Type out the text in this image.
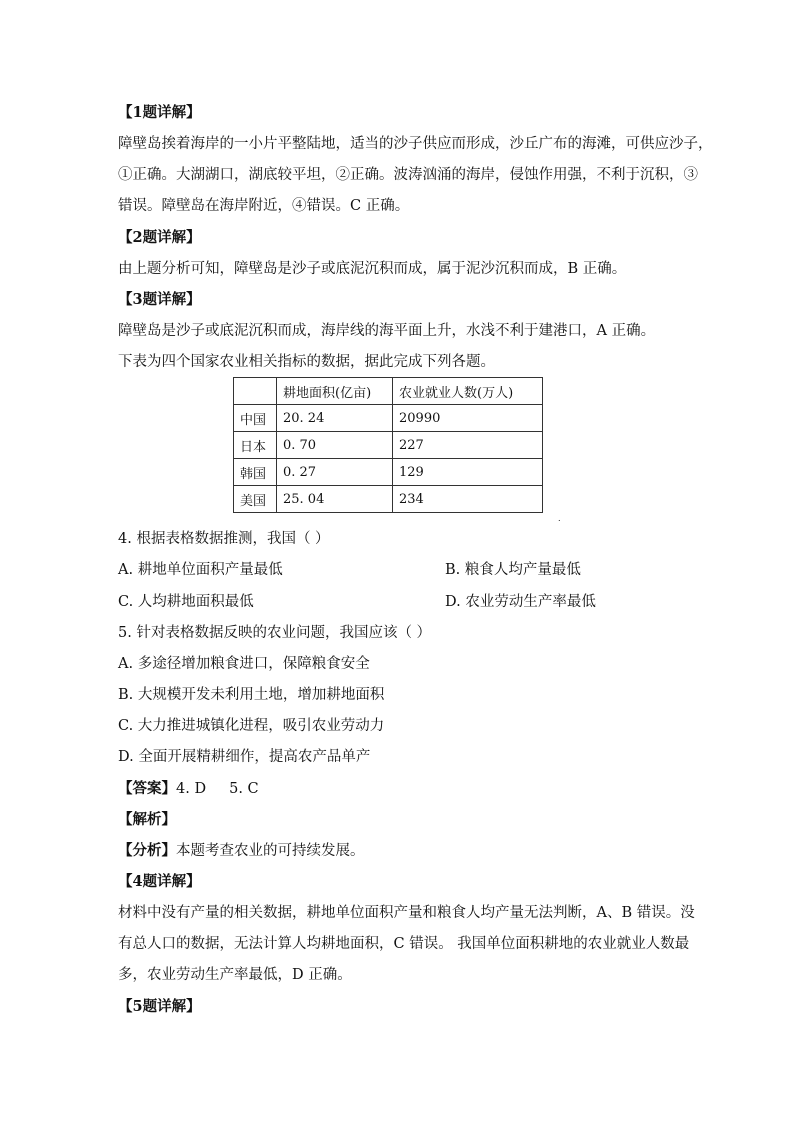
【1题详解】
障壁岛挨着海岸的一小片平整陆地，适当的沙子供应而形成，沙丘广布的海滩，可供应沙子，
①正确。大湖湖口，湖底较平坦，②正确。波涛汹涌的海岸，侵蚀作用强，不利于沉积，③
错误。障壁岛在海岸附近，④错误。C 正确。
【2题详解】
由上题分析可知，障壁岛是沙子或底泥沉积而成，属于泥沙沉积而成，B 正确。
【3题详解】
障壁岛是沙子或底泥沉积而成，海岸线的海平面上升，水浅不利于建港口，A 正确。
下表为四个国家农业相关指标的数据，据此完成下列各题。
	耕地面积(亿亩)	农业就业人数(万人)
中国	20. 24	20990
日本	0. 70	227
韩国	0. 27	129
美国	25. 04	234
.
4. 根据表格数据推测，我国（ ）
A. 耕地单位面积产量最低	B. 粮食人均产量最低
C. 人均耕地面积最低	D. 农业劳动生产率最低
5. 针对表格数据反映的农业问题，我国应该（ ）
A. 多途径增加粮食进口，保障粮食安全
B. 大规模开发未利用土地，增加耕地面积
C. 大力推进城镇化进程，吸引农业劳动力
D. 全面开展精耕细作，提高农产品单产
【答案】4. D     5. C
【解析】
【分析】本题考查农业的可持续发展。
【4题详解】
材料中没有产量的相关数据，耕地单位面积产量和粮食人均产量无法判断，A、B 错误。没
有总人口的数据，无法计算人均耕地面积，C 错误。 我国单位面积耕地的农业就业人数最
多，农业劳动生产率最低，D 正确。
【5题详解】
